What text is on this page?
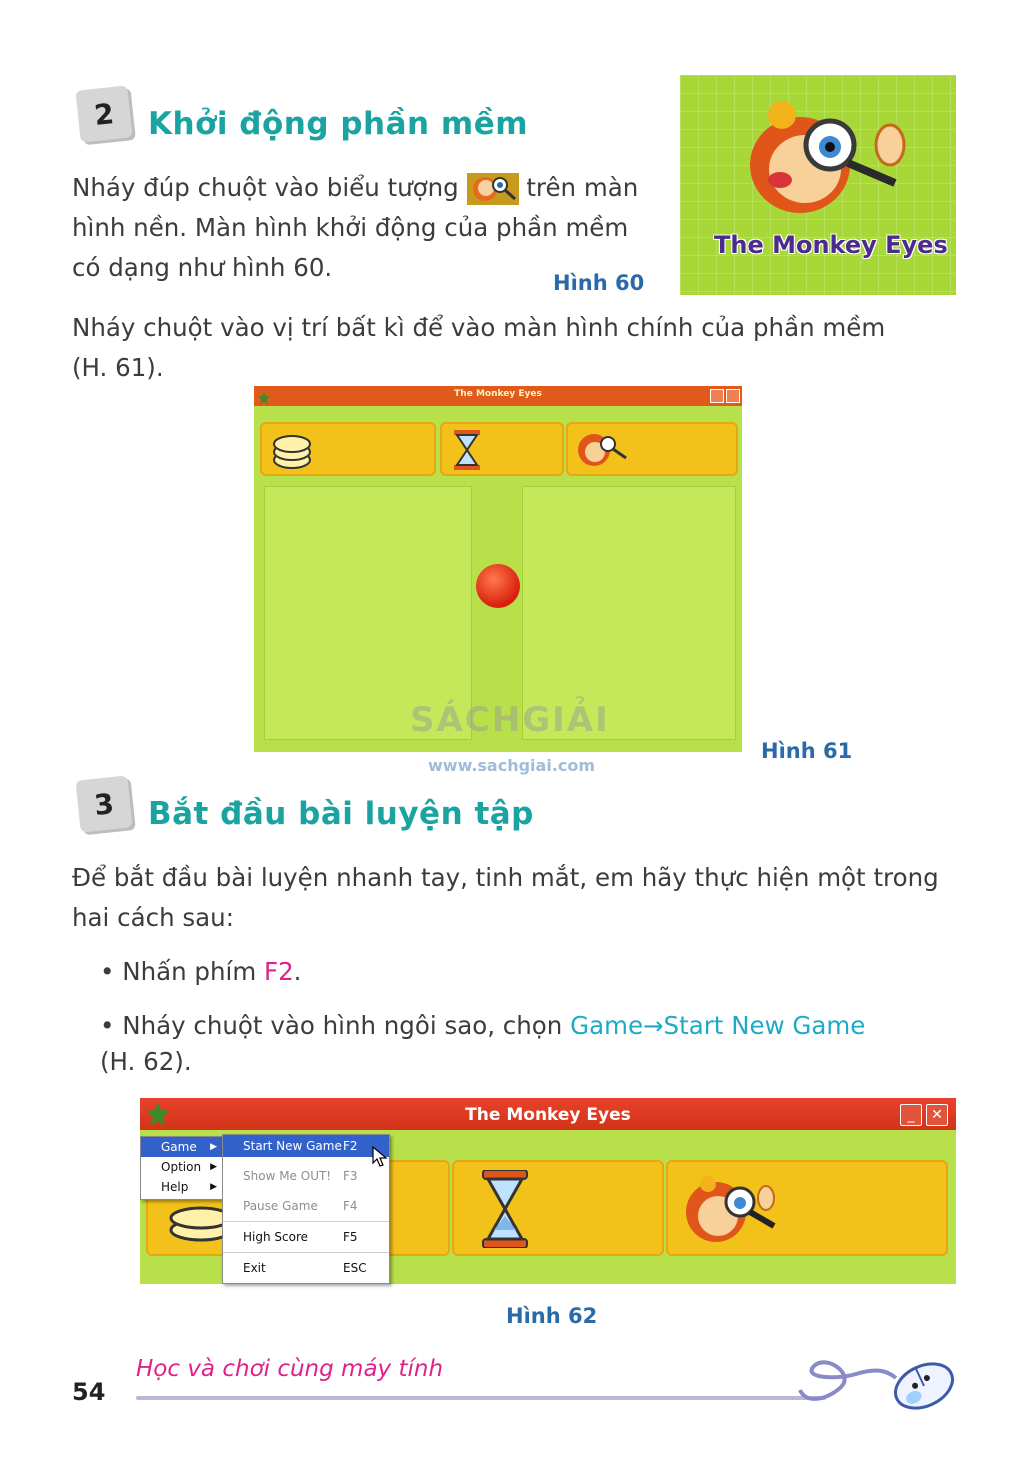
2 Khởi động phần mềm
Nháy đúp chuột vào biểu tượng	trên màn
hình nền. Màn hình khởi động của phần mềm
có dạng như hình 60.
The Monkey Eyes
Hình 60
Nháy chuột vào vị trí bất kì để vào màn hình chính của phần mềm
(H. 61).
The Monkey Eyes
Hình 61
SÁCHGIẢI
www.sachgiai.com
3 Bắt đầu bài luyện tập
Để bắt đầu bài luyện nhanh tay, tinh mắt, em hãy thực hiện một trong
hai cách sau:
• Nhấn phím F2.
• Nháy chuột vào hình ngôi sao, chọn Game→Start New Game
(H. 62).
The Monkey Eyes	_	✕
Game ▶
Option ▶
Help ▶
Start New Game F2
Show Me OUT! F3
Pause Game F4
High Score	F5
Exit	ESC
Hình 62
54
Học và chơi cùng máy tính
